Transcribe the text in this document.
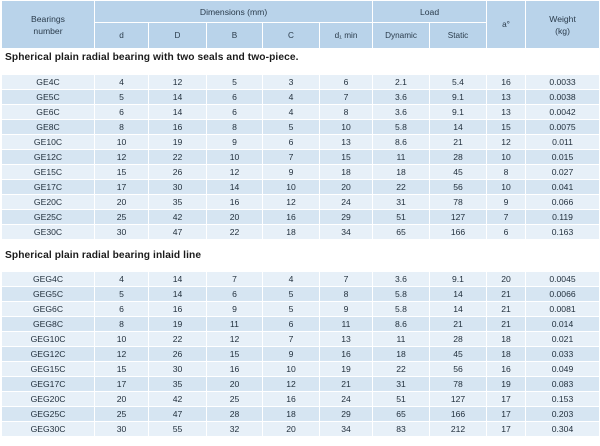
Bearings
number	Dimensions (mm)					Load		a°	Weight
(kg)
	d	D	B	C	d₁ min	Dynamic	Static		
Spherical plain radial bearing with two seals and two-piece.
GE4C	4	12	5	3	6	2.1	5.4	16	0.0033
GE5C	5	14	6	4	7	3.6	9.1	13	0.0038
GE6C	6	14	6	4	8	3.6	9.1	13	0.0042
GE8C	8	16	8	5	10	5.8	14	15	0.0075
GE10C	10	19	9	6	13	8.6	21	12	0.011
GE12C	12	22	10	7	15	11	28	10	0.015
GE15C	15	26	12	9	18	18	45	8	0.027
GE17C	17	30	14	10	20	22	56	10	0.041
GE20C	20	35	16	12	24	31	78	9	0.066
GE25C	25	42	20	16	29	51	127	7	0.119
GE30C	30	47	22	18	34	65	166	6	0.163
Spherical plain radial bearing inlaid line
GEG4C	4	14	7	4	7	3.6	9.1	20	0.0045
GEG5C	5	14	6	5	8	5.8	14	21	0.0066
GEG6C	6	16	9	5	9	5.8	14	21	0.0081
GEG8C	8	19	11	6	11	8.6	21	21	0.014
GEG10C	10	22	12	7	13	11	28	18	0.021
GEG12C	12	26	15	9	16	18	45	18	0.033
GEG15C	15	30	16	10	19	22	56	16	0.049
GEG17C	17	35	20	12	21	31	78	19	0.083
GEG20C	20	42	25	16	24	51	127	17	0.153
GEG25C	25	47	28	18	29	65	166	17	0.203
GEG30C	30	55	32	20	34	83	212	17	0.304
